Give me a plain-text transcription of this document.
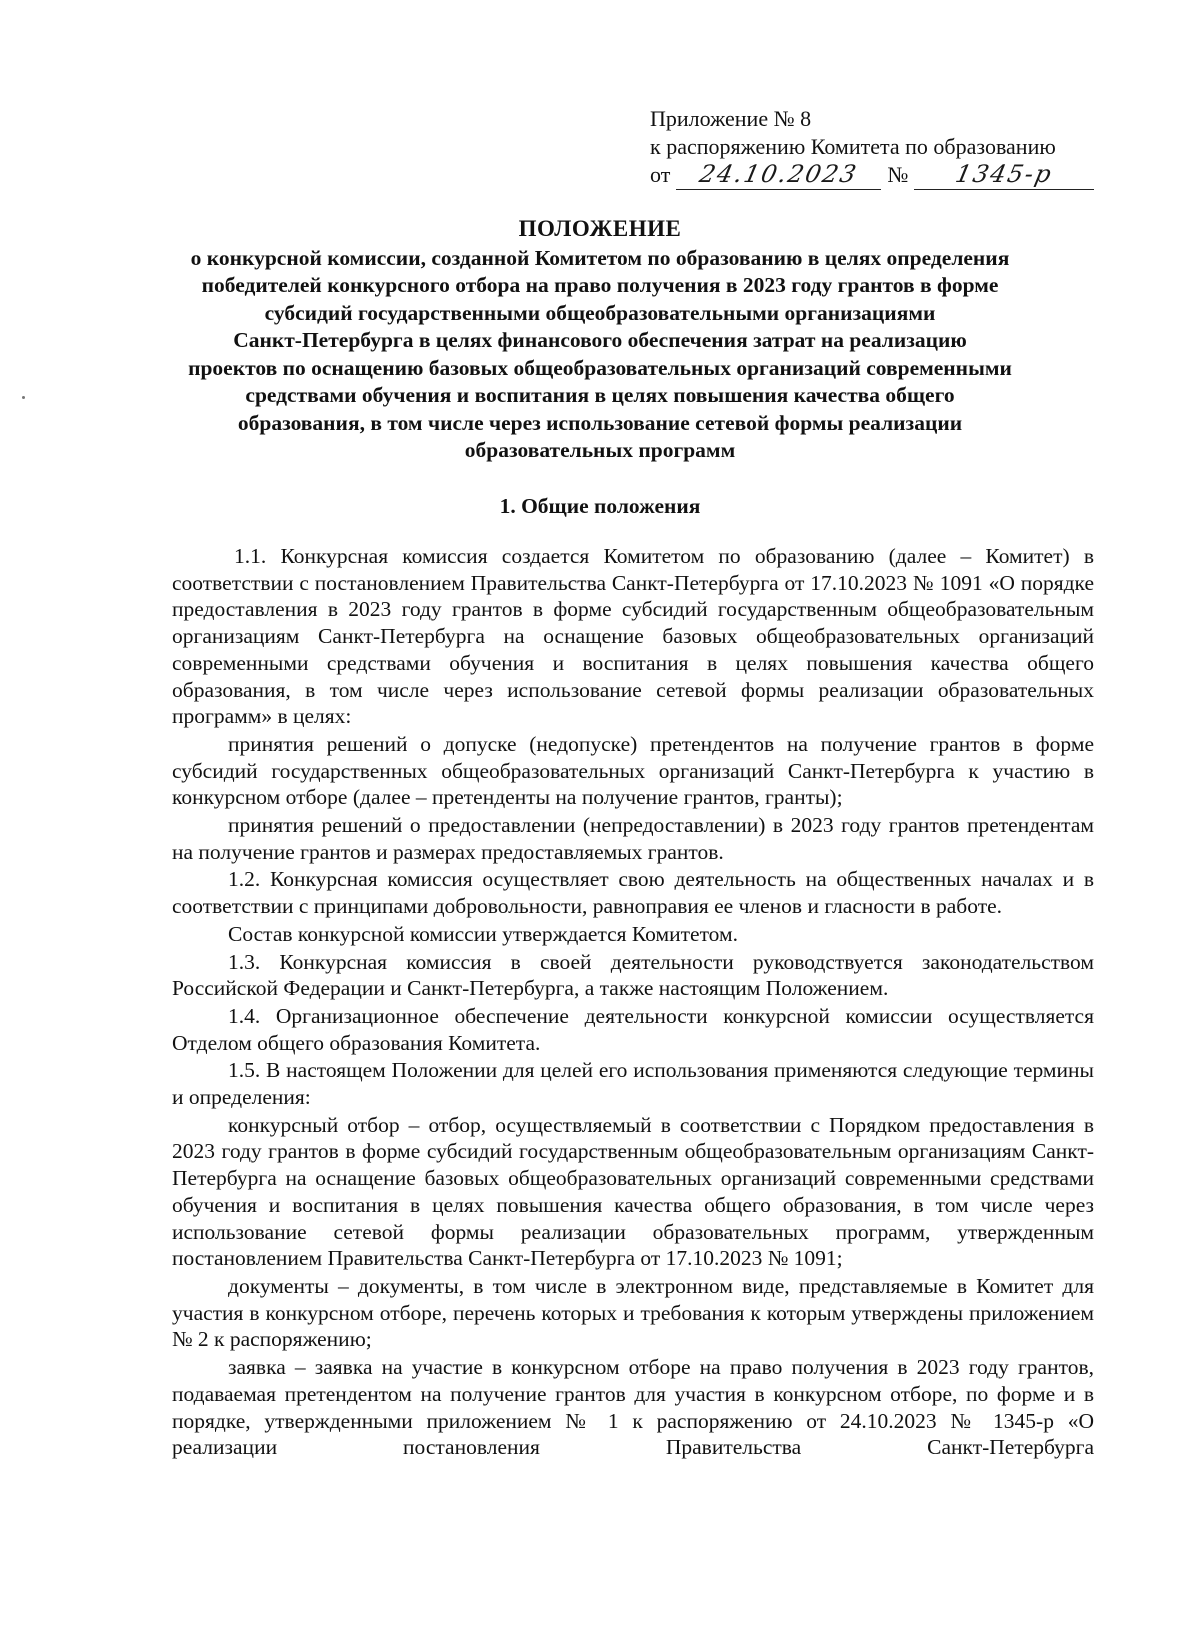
Приложение № 8
к распоряжению Комитета по образованию
от	24.10.2023	№	1345-р
ПОЛОЖЕНИЕ
о конкурсной комиссии, созданной Комитетом по образованию в целях определения
победителей конкурсного отбора на право получения в 2023 году грантов в форме
субсидий государственными общеобразовательными организациями
Санкт-Петербурга в целях финансового обеспечения затрат на реализацию
проектов по оснащению базовых общеобразовательных организаций современными
средствами обучения и воспитания в целях повышения качества общего
образования, в том числе через использование сетевой формы реализации
образовательных программ
1. Общие положения

1.1. Конкурсная комиссия создается Комитетом по образованию (далее – Комитет) в соответствии с постановлением Правительства Санкт-Петербурга от 17.10.2023 № 1091 «О порядке предоставления в 2023 году грантов в форме субсидий государственным общеобразовательным организациям Санкт-Петербурга на оснащение базовых общеобразовательных организаций современными средствами обучения и воспитания в целях повышения качества общего образования, в том числе через использование сетевой формы реализации образовательных программ» в целях:

принятия решений о допуске (недопуске) претендентов на получение грантов в форме субсидий государственных общеобразовательных организаций Санкт-Петербурга к участию в конкурсном отборе (далее – претенденты на получение грантов, гранты);

принятия решений о предоставлении (непредоставлении) в 2023 году грантов претендентам на получение грантов и размерах предоставляемых грантов.

1.2. Конкурсная комиссия осуществляет свою деятельность на общественных началах и в соответствии с принципами добровольности, равноправия ее членов и гласности в работе.

Состав конкурсной комиссии утверждается Комитетом.

1.3. Конкурсная комиссия в своей деятельности руководствуется законодательством Российской Федерации и Санкт-Петербурга, а также настоящим Положением.

1.4. Организационное обеспечение деятельности конкурсной комиссии осуществляется Отделом общего образования Комитета.

1.5. В настоящем Положении для целей его использования применяются следующие термины и определения:

конкурсный отбор – отбор, осуществляемый в соответствии с Порядком предоставления в 2023 году грантов в форме субсидий государственным общеобразовательным организациям Санкт-Петербурга на оснащение базовых общеобразовательных организаций современными средствами обучения и воспитания в целях повышения качества общего образования, в том числе через использование сетевой формы реализации образовательных программ, утвержденным постановлением Правительства Санкт-Петербурга от 17.10.2023 № 1091;

документы – документы, в том числе в электронном виде, представляемые в Комитет для участия в конкурсном отборе, перечень которых и требования к которым утверждены приложением № 2 к распоряжению;

заявка – заявка на участие в конкурсном отборе на право получения в 2023 году грантов, подаваемая претендентом на получение грантов для участия в конкурсном отборе, по форме и в порядке, утвержденными приложением № 1 к распоряжению от 24.10.2023 № 1345-р «О реализации постановления Правительства Санкт-Петербурга
